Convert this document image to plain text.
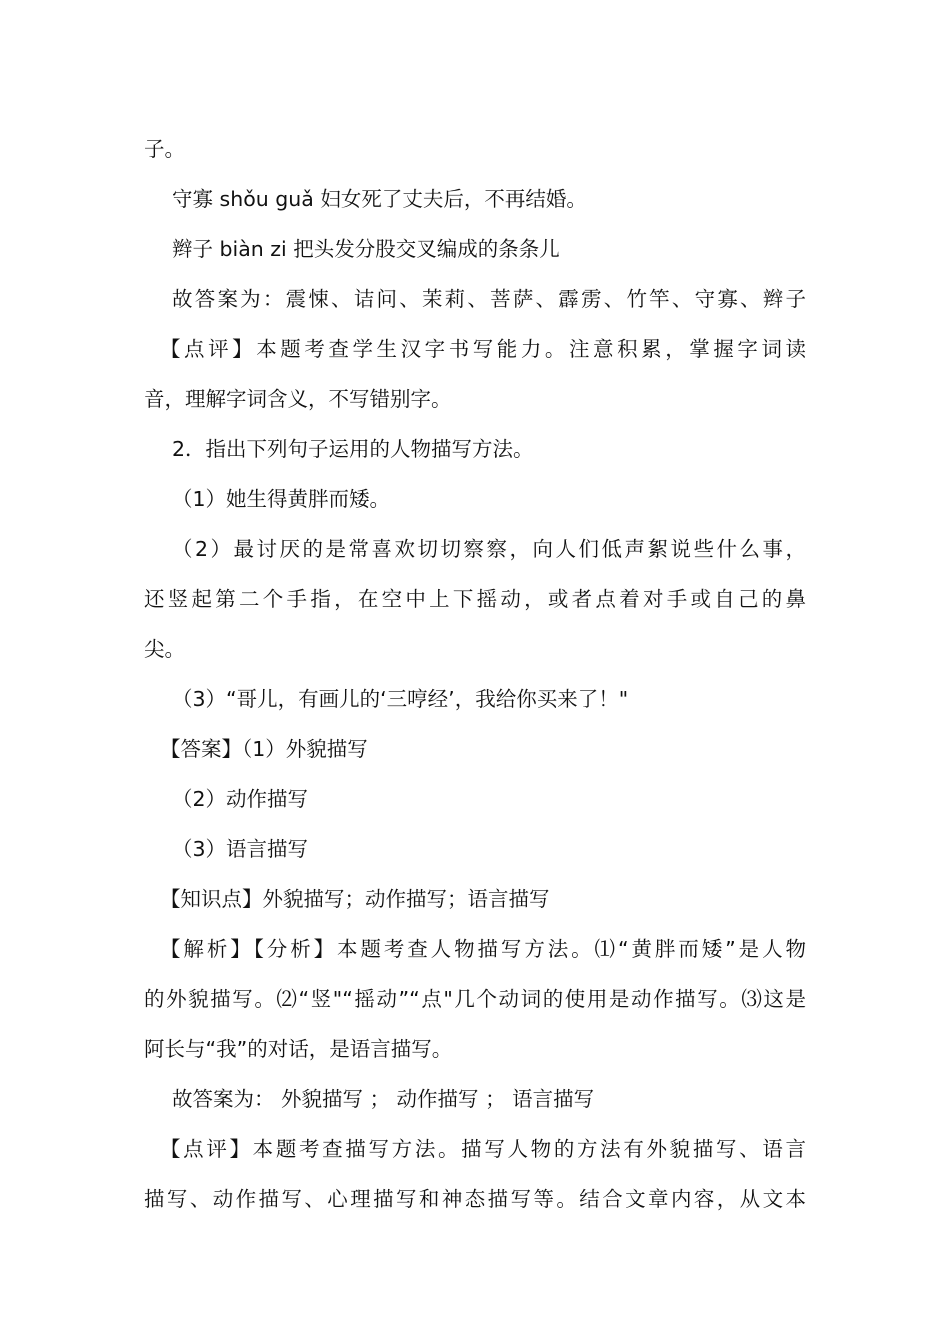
子。
守寡 shǒu guǎ 妇女死了丈夫后，不再结婚。
辫子 biàn zi 把头发分股交叉编成的条条儿
故答案为：震悚、诘问、茉莉、菩萨、霹雳、竹竿、守寡、辫子
【点评】本题考查学生汉字书写能力。注意积累，掌握字词读
音，理解字词含义，不写错别字。
2．指出下列句子运用的人物描写方法。
（1）她生得黄胖而矮。
（2）最讨厌的是常喜欢切切察察，向人们低声絮说些什么事，
还竖起第二个手指，在空中上下摇动，或者点着对手或自己的鼻
尖。
（3）“哥儿，有画儿的‘三哼经’，我给你买来了！"
【答案】（1）外貌描写
（2）动作描写
（3）语言描写
【知识点】外貌描写；动作描写；语言描写
【解析】【分析】本题考查人物描写方法。⑴“黄胖而矮”是人物
的外貌描写。⑵“竖"“摇动”“点"几个动词的使用是动作描写。⑶这是
阿长与“我”的对话，是语言描写。
故答案为： 外貌描写 ； 动作描写 ； 语言描写
【点评】本题考查描写方法。描写人物的方法有外貌描写、语言
描写、动作描写、心理描写和神态描写等。结合文章内容，从文本
